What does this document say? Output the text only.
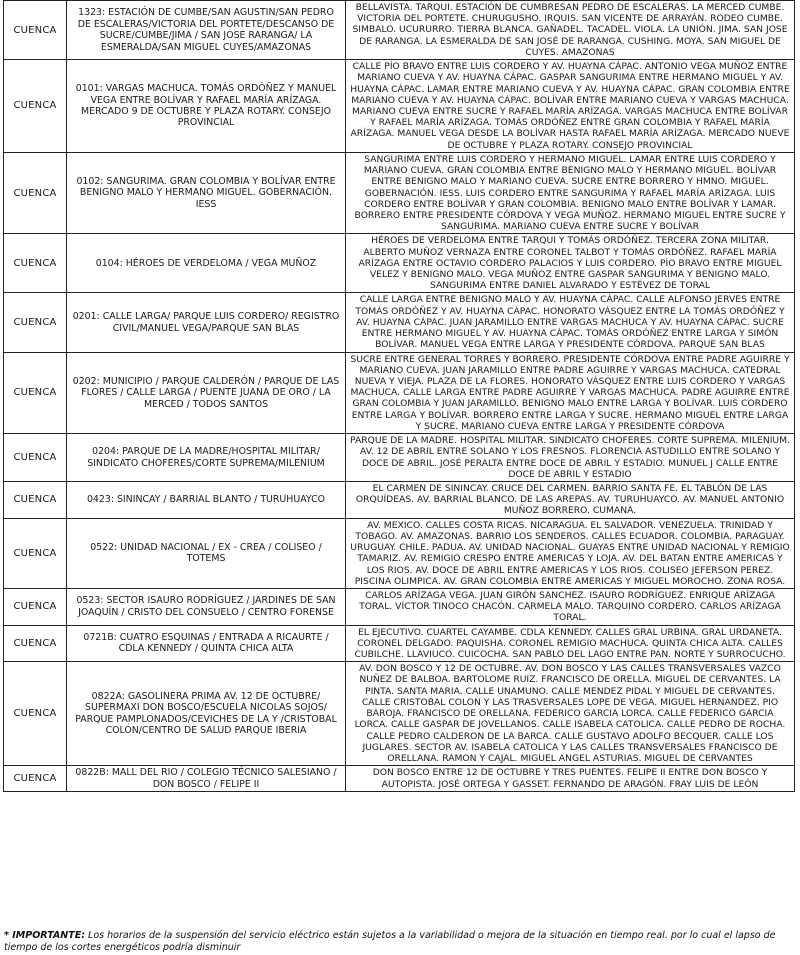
CUENCA	1323: ESTACIÓN DE CUMBE/SAN AGUSTIN/SAN PEDRO DE ESCALERAS/VICTORIA DEL PORTETE/DESCANSO DE SUCRE/CUMBE/JIMA / SAN JOSE RARANGA/ LA ESMERALDA/SAN MIGUEL CUYES/AMAZONAS	BELLAVISTA. TARQUI. ESTACIÓN DE CUMBRESAN PEDRO DE ESCALERAS. LA MERCED CUMBE. VICTORIA DEL PORTETE. CHURUGUSHO. IRQUIS. SAN VICENTE DE ARRAYÁN. RODEO CUMBE. SIMBALO. UCURURRO. TIERRA BLANCA. GAÑADEL. TACADEL. VIOLA. LA UNIÓN. JIMA. SAN JOSE DE RARANGA. LA ESMERALDA DE SAN JOSÉ DE RARANGA. CUSHING. MOYA. SAN MIGUEL DE CUYES. AMAZONAS
CUENCA	0101: VARGAS MACHUCA. TOMÁS ORDÓÑEZ Y MANUEL VEGA ENTRE BOLÍVAR Y RAFAEL MARÍA ARÍZAGA. MERCADO 9 DE OCTUBRE Y PLAZA ROTARY. CONSEJO PROVINCIAL	CALLE PÍO BRAVO ENTRE LUIS CORDERO Y AV. HUAYNA CÁPAC. ANTONIO VEGA MUÑOZ ENTRE MARIANO CUEVA Y AV. HUAYNA CÁPAC. GASPAR SANGURIMA ENTRE HERMANO MIGUEL Y AV. HUAYNA CÁPAC. LAMAR ENTRE MARIANO CUEVA Y AV. HUAYNA CÁPAC. GRAN COLOMBIA ENTRE MARIANO CUEVA Y AV. HUAYNA CÁPAC. BOLÍVAR ENTRE MARIANO CUEVA Y VARGAS MACHUCA. MARIANO CUEVA ENTRE SUCRE Y RAFAEL MARÍA ARÍZAGA. VARGAS MACHUCA ENTRE BOLÍVAR Y RAFAEL MARÍA ARÍZAGA. TOMÁS ORDÓÑEZ ENTRE GRAN COLOMBIA Y RAFAEL MARÍA ARÍZAGA. MANUEL VEGA DESDE LA BOLÍVAR HASTA RAFAEL MARÍA ARÍZAGA. MERCADO NUEVE DE OCTUBRE Y PLAZA ROTARY. CONSEJO PROVINCIAL
CUENCA	0102: SANGURIMA. GRAN COLOMBIA Y BOLÍVAR ENTRE BENIGNO MALO Y HERMANO MIGUEL. GOBERNACIÓN. IESS	SANGURIMA ENTRE LUIS CORDERO Y HERMANO MIGUEL. LAMAR ENTRE LUIS CORDERO Y MARIANO CUEVA. GRAN COLOMBIA ENTRE BENIGNO MALO Y HERMANO MIGUEL. BOLÍVAR ENTRE BENIGNO MALO Y MARIANO CUEVA. SUCRE ENTRE BORRERO Y HMNO. MIGUEL. GOBERNACIÓN. IESS. LUIS CORDERO ENTRE SANGURIMA Y RAFAEL MARÍA ARÍZAGA. LUIS CORDERO ENTRE BOLÍVAR Y GRAN COLOMBIA. BENIGNO MALO ENTRE BOLÍVAR Y LAMAR. BORRERO ENTRE PRESIDENTE CÓRDOVA Y VEGA MUÑOZ. HERMANO MIGUEL ENTRE SUCRE Y SANGURIMA. MARIANO CUEVA ENTRE SUCRE Y BOLÍVAR
CUENCA	0104: HÉROES DE VERDELOMA / VEGA MUÑOZ	HÉROES DE VERDELOMA ENTRE TARQUI Y TOMÁS ORDÓÑEZ. TERCERA ZONA MILITAR. ALBERTO MUÑOZ VERNAZA ENTRE CORONEL TALBOT Y TOMÁS ORDÓÑEZ. RAFAEL MARÍA ARÍZAGA ENTRE OCTAVIO CORDERO PALACIOS Y LUIS CORDERO. PÍO BRAVO ENTRE MIGUEL VELEZ Y BENIGNO MALO. VEGA MUÑOZ ENTRE GASPAR SANGURIMA Y BENIGNO MALO. SANGURIMA ENTRE DANIEL ALVARADO Y ESTÉVEZ DE TORAL
CUENCA	0201: CALLE LARGA/ PARQUE LUIS CORDERO/ REGISTRO CIVIL/MANUEL VEGA/PARQUE SAN BLAS	CALLE LARGA ENTRE BENIGNO MALO Y AV. HUAYNA CÁPAC. CALLE ALFONSO JERVES ENTRE TOMÁS ORDÓÑEZ Y AV. HUAYNA CÁPAC. HONORATO VÁSQUEZ ENTRE LA TOMÁS ORDÓÑEZ Y AV. HUAYNA CÁPAC. JUAN JARAMILLO ENTRE VARGAS MACHUCA Y AV. HUAYNA CÁPAC. SUCRE ENTRE HERMANO MIGUEL Y AV. HUAYNA CÁPAC. TOMÁS ORDÓÑEZ ENTRE LARGA Y SIMÓN BOLÍVAR. MANUEL VEGA ENTRE LARGA Y PRESIDENTE CÓRDOVA. PARQUE SAN BLAS
CUENCA	0202: MUNICIPIO / PARQUE CALDERÓN / PARQUE DE LAS FLORES / CALLE LARGA / PUENTE JUANA DE ORO / LA MERCED / TODOS SANTOS	SUCRE ENTRE GENERAL TORRES Y BORRERO. PRESIDENTE CÓRDOVA ENTRE PADRE AGUIRRE Y MARIANO CUEVA. JUAN JARAMILLO ENTRE PADRE AGUIRRE Y VARGAS MACHUCA. CATEDRAL NUEVA Y VIEJA. PLAZA DE LA FLORES. HONORATO VÁSQUEZ ENTRE LUIS CORDERO Y VARGAS MACHUCA. CALLE LARGA ENTRE PADRE AGUIRRE Y VARGAS MACHUCA. PADRE AGUIRRE ENTRE GRAN COLOMBIA Y JUAN JARAMILLO. BENIGNO MALO ENTRE LARGA Y BOLÍVAR. LUIS CORDERO ENTRE LARGA Y BOLÍVAR. BORRERO ENTRE LARGA Y SUCRE. HERMANO MIGUEL ENTRE LARGA Y SUCRE. MARIANO CUEVA ENTRE LARGA Y PRESIDENTE CÓRDOVA
CUENCA	0204: PARQUE DE LA MADRE/HOSPITAL MILITAR/ SINDICATO CHOFERES/CORTE SUPREMA/MILENIUM	PARQUE DE LA MADRE. HOSPITAL MILITAR. SINDICATO CHOFERES. CORTE SUPREMA. MILENIUM. AV. 12 DE ABRIL ENTRE SOLANO Y LOS FRESNOS. FLORENCIA ASTUDILLO ENTRE SOLANO Y DOCE DE ABRIL. JOSÉ PERALTA ENTRE DOCE DE ABRIL Y ESTADIO. MUNUEL J CALLE ENTRE DOCE DE ABRIL Y ESTADIO
CUENCA	0423: SININCAY / BARRIAL BLANTO / TURUHUAYCO	EL CARMEN DE SININCAY. CRUCE DEL CARMEN. BARRIO SANTA FE. EL TABLÓN DE LAS ORQUÍDEAS. AV. BARRIAL BLANCO. DE LAS AREPAS. AV. TURUHUAYCO. AV. MANUEL ANTONIO MUÑOZ BORRERO. CUMANA.
CUENCA	0522: UNIDAD NACIONAL / EX - CREA / COLISEO / TOTEMS	AV. MEXICO. CALLES COSTA RICAS. NICARAGUA. EL SALVADOR. VENEZUELA. TRINIDAD Y TOBAGO. AV. AMAZONAS. BARRIO LOS SENDEROS. CALLES ECUADOR. COLOMBIA. PARAGUAY. URUGUAY. CHILE. PADUA. AV. UNIDAD NACIONAL. GUAYAS ENTRE UNIDAD NACIONAL Y REMIGIO TAMARIZ. AV. REMIGIO CRESPO ENTRE AMERICAS Y LOJA. AV. DEL BATAN ENTRE AMERICAS Y LOS RIOS. AV. DOCE DE ABRIL ENTRE AMERICAS Y LOS RIOS. COLISEO JEFERSON PEREZ. PISCINA OLIMPICA. AV. GRAN COLOMBIA ENTRE AMERICAS Y MIGUEL MOROCHO. ZONA ROSA.
CUENCA	0523: SECTOR ISAURO RODRÍGUEZ / JARDINES DE SAN JOAQUÍN / CRISTO DEL CONSUELO / CENTRO FORENSE	CARLOS ARÍZAGA VEGA. JUAN GIRÓN SANCHEZ. ISAURO RODRÍGUEZ. ENRIQUE ARÍZAGA TORAL. VÍCTOR TINOCO CHACÓN. CARMELA MALO. TARQUINO CORDERO. CARLOS ARÍZAGA TORAL.
CUENCA	0721B: CUATRO ESQUINAS / ENTRADA A RICAURTE / CDLA KENNEDY / QUINTA CHICA ALTA	EL EJECUTIVO. CUARTEL CAYAMBE. CDLA KENNEDY. CALLES GRAL URBINA. GRAL URDANETA. CORONEL DELGADO. PAQUISHA. CORONEL REMIGIO MACHUCA. QUINTA CHICA ALTA. CALLES CUBILCHE. LLAVIUCO. CUICOCHA. SAN PABLO DEL LAGO ENTRE PAN. NORTE Y SURROCUCHO.
CUENCA	0822A: GASOLINERA PRIMA AV. 12 DE OCTUBRE/ SUPERMAXI DON BOSCO/ESCUELA NICOLAS SOJOS/ PARQUE PAMPLONADOS/CEVICHES DE LA Y /CRISTOBAL COLÓN/CENTRO DE SALUD PARQUE IBERIA	AV. DON BOSCO Y 12 DE OCTUBRE. AV. DON BOSCO Y LAS CALLES TRANSVERSALES VAZCO NUÑEZ DE BALBOA. BARTOLOME RUIZ. FRANCISCO DE ORELLA. MIGUEL DE CERVANTES. LA PINTA. SANTA MARIA. CALLE UNAMUNO. CALLE MENDEZ PIDAL Y MIGUEL DE CERVANTES. CALLE CRISTOBAL COLON Y LAS TRASVERSALES LOPE DE VEGA. MIGUEL HERNANDEZ. PIO BAROJA. FRANCISCO DE ORELLANA. FEDERICO GARCIA LORCA. CALLE FEDERICO GARCIA LORCA. CALLE GASPAR DE JOVELLANOS. CALLE ISABELA CATOLICA. CALLE PEDRO DE ROCHA. CALLE PEDRO CALDERON DE LA BARCA. CALLE GUSTAVO ADOLFO BECQUER. CALLE LOS JUGLARES. SECTOR AV. ISABELA CATOLICA Y LAS CALLES TRANSVERSALES FRANCISCO DE ORELLANA. RAMON Y CAJAL. MIGUEL ANGEL ASTURIAS. MIGUEL DE CERVANTES
CUENCA	0822B: MALL DEL RIO / COLEGIO TÉCNICO SALESIANO / DON BOSCO / FELIPE II	DON BOSCO ENTRE 12 DE OCTUBRE Y TRES PUENTES. FELIPE II ENTRE DON BOSCO Y AUTOPISTA. JOSÉ ORTEGA Y GASSET. FERNANDO DE ARAGÓN. FRAY LUIS DE LEÓN
* IMPORTANTE: Los horarios de la suspensión del servicio eléctrico están sujetos a la variabilidad o mejora de la situación en tiempo real. por lo cual el lapso de tiempo de los cortes energéticos podría disminuir
